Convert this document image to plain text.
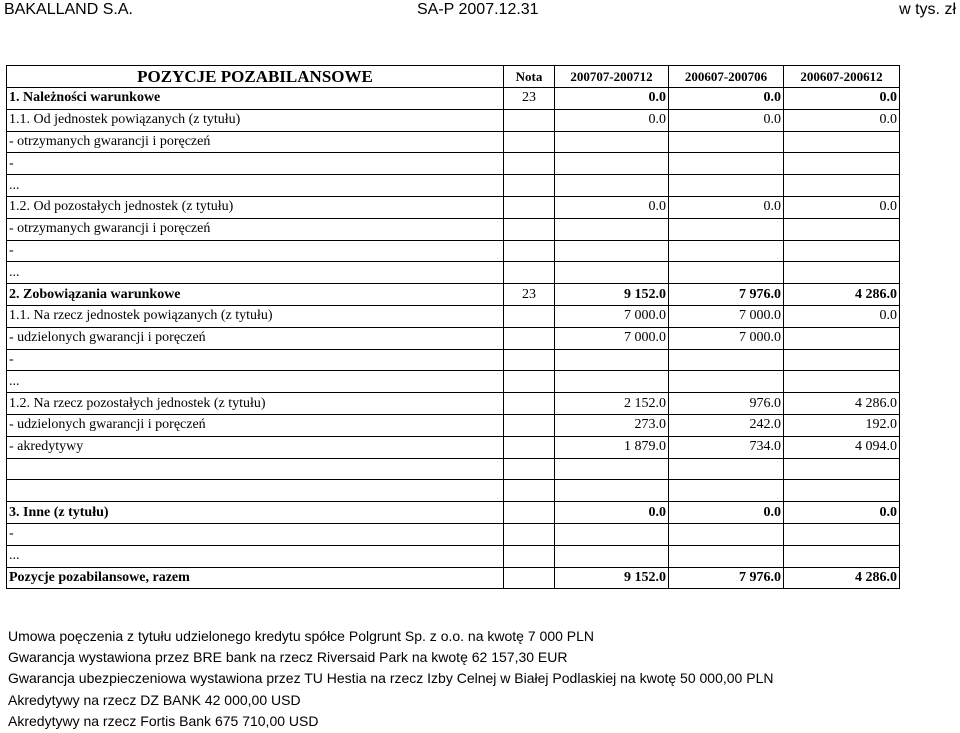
BAKALLAND S.A.	SA-P 2007.12.31	w tys. zł
POZYCJE POZABILANSOWE	Nota	200707-200712	200607-200706	200607-200612
1. Należności warunkowe	23	0.0	0.0	0.0
1.1. Od jednostek powiązanych (z tytułu)		0.0	0.0	0.0
- otrzymanych gwarancji i poręczeń				
-				
...				
1.2. Od pozostałych jednostek (z tytułu)		0.0	0.0	0.0
- otrzymanych gwarancji i poręczeń				
-				
...				
2. Zobowiązania warunkowe	23	9 152.0	7 976.0	4 286.0
1.1. Na rzecz jednostek powiązanych (z tytułu)		7 000.0	7 000.0	0.0
- udzielonych gwarancji i poręczeń		7 000.0	7 000.0	
-				
...				
1.2. Na rzecz pozostałych jednostek (z tytułu)		2 152.0	976.0	4 286.0
- udzielonych gwarancji i poręczeń		273.0	242.0	192.0
- akredytywy		1 879.0	734.0	4 094.0

3. Inne (z tytułu)		0.0	0.0	0.0
-				
...				
Pozycje pozabilansowe, razem		9 152.0	7 976.0	4 286.0
Umowa poęczenia z tytułu udzielonego kredytu spółce Polgrunt Sp. z o.o. na kwotę 7 000 PLN
Gwarancja wystawiona przez BRE bank na rzecz Riversaid Park na kwotę 62 157,30 EUR
Gwarancja ubezpieczeniowa wystawiona przez TU Hestia na rzecz Izby Celnej w Białej Podlaskiej na kwotę 50 000,00 PLN
Akredytywy na rzecz DZ BANK 42 000,00 USD
Akredytywy na rzecz Fortis Bank 675 710,00 USD
